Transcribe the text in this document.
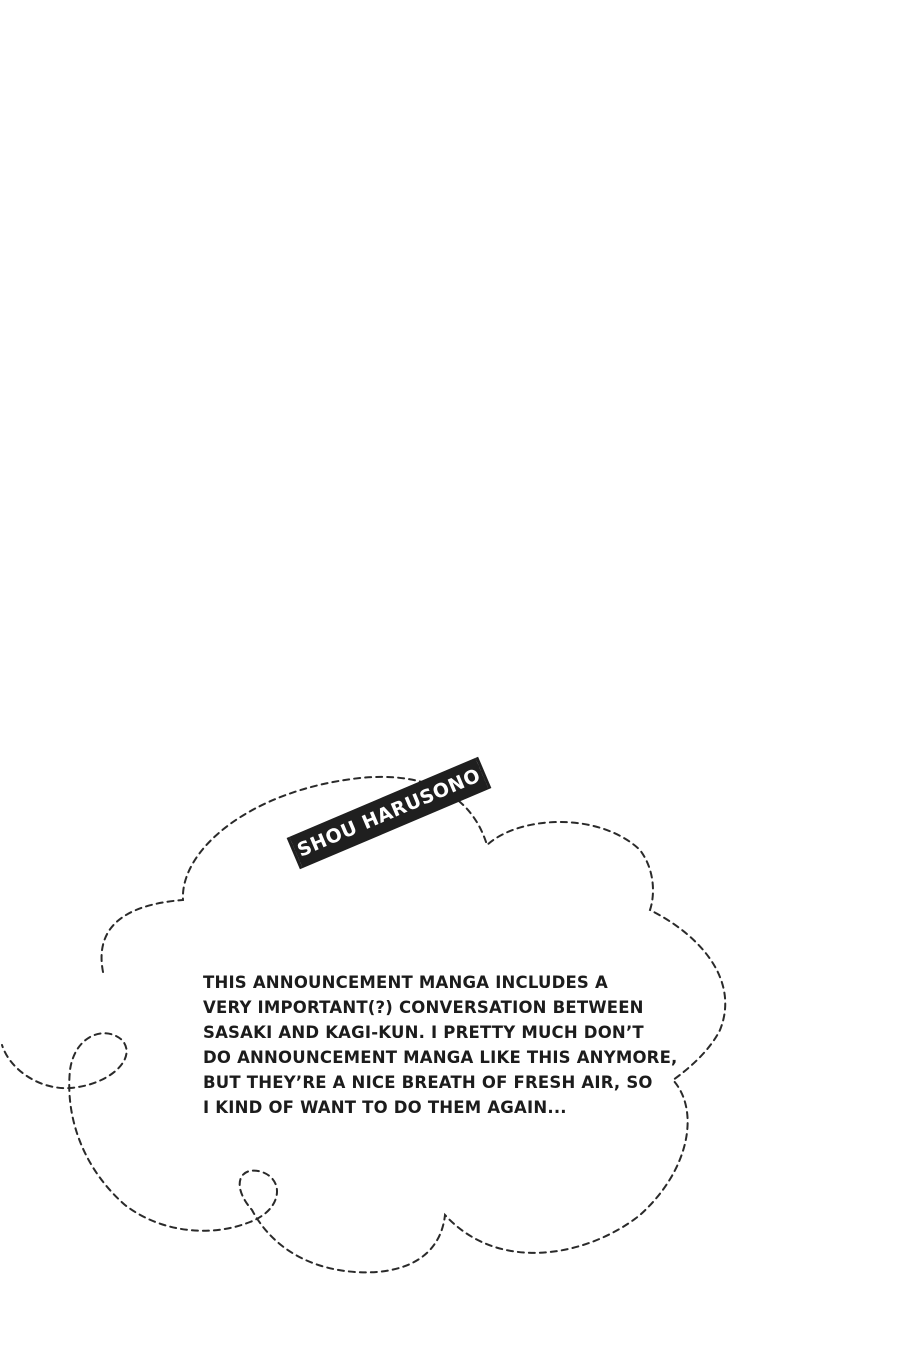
SHOU HARUSONO
THIS ANNOUNCEMENT MANGA INCLUDES A
VERY IMPORTANT(?) CONVERSATION BETWEEN
SASAKI AND KAGI-KUN. I PRETTY MUCH DON’T
DO ANNOUNCEMENT MANGA LIKE THIS ANYMORE,
BUT THEY’RE A NICE BREATH OF FRESH AIR, SO
I KIND OF WANT TO DO THEM AGAIN...
